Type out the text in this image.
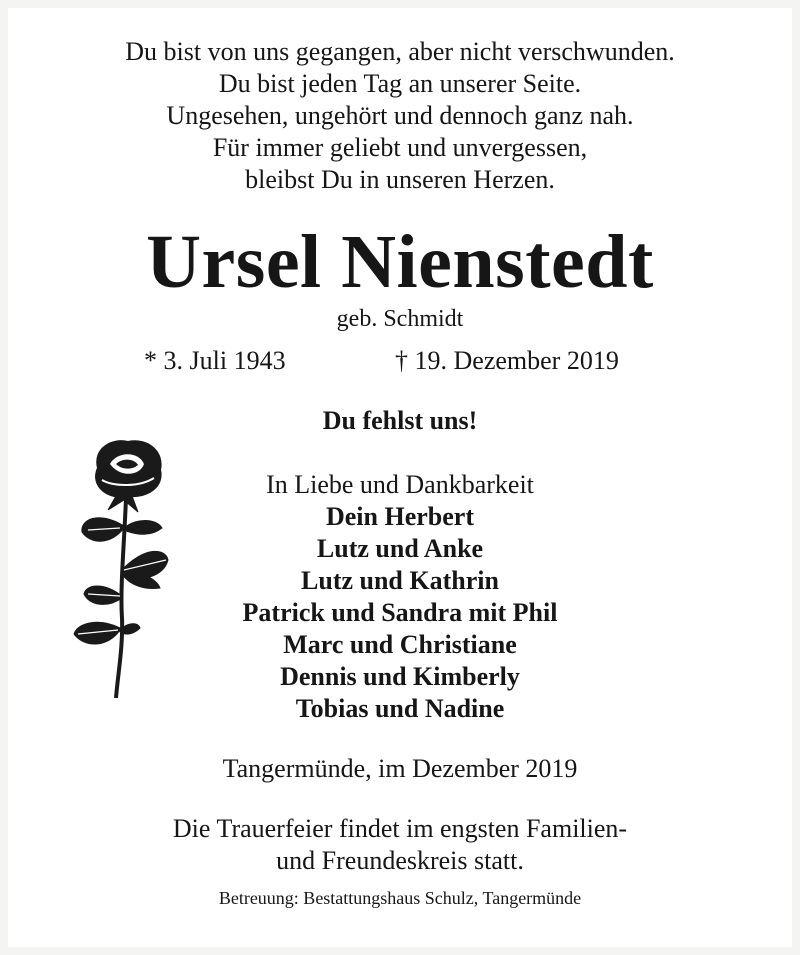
Du bist von uns gegangen, aber nicht verschwunden.
Du bist jeden Tag an unserer Seite.
Ungesehen, ungehört und dennoch ganz nah.
Für immer geliebt und unvergessen,
bleibst Du in unseren Herzen.
Ursel Nienstedt
geb. Schmidt
* 3. Juli 1943	† 19. Dezember 2019
Du fehlst uns!
In Liebe und Dankbarkeit
Dein Herbert
Lutz und Anke
Lutz und Kathrin
Patrick und Sandra mit Phil
Marc und Christiane
Dennis und Kimberly
Tobias und Nadine
Tangermünde, im Dezember 2019
Die Trauerfeier findet im engsten Familien-
und Freundeskreis statt.
Betreuung: Bestattungshaus Schulz, Tangermünde
